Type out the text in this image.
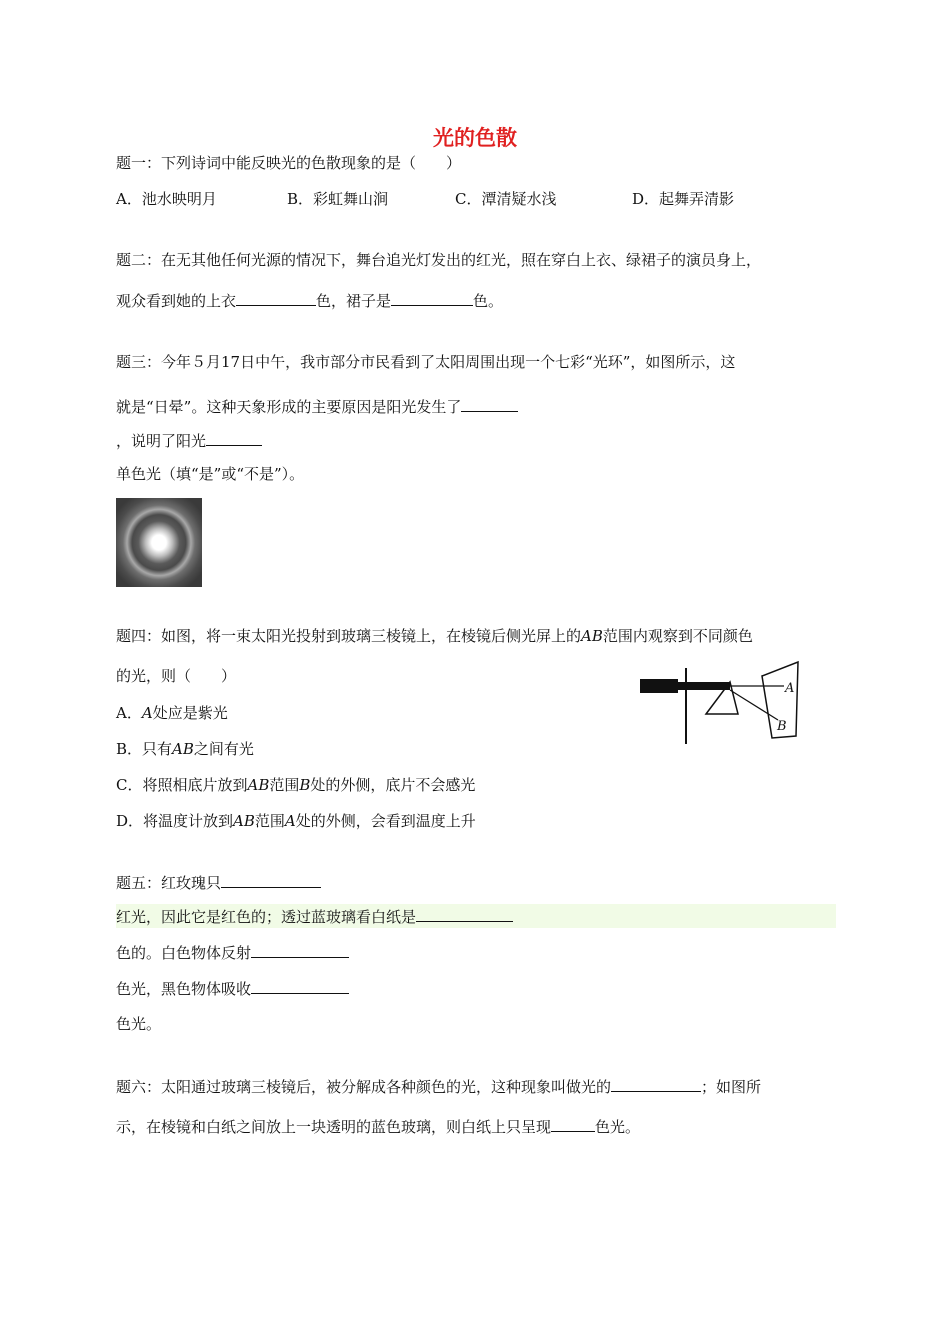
光的色散
题一：下列诗词中能反映光的色散现象的是（　　）
A．池水映明月	B．彩虹舞山涧	C．潭清疑水浅	D．起舞弄清影
题二：在无其他任何光源的情况下，舞台追光灯发出的红光，照在穿白上衣、绿裙子的演员身上，
观众看到她的上衣	色，裙子是	色。
题三：今年５月17日中午，我市部分市民看到了太阳周围出现一个七彩“光环”，如图所示，这
就是“日晕”。这种天象形成的主要原因是阳光发生了
，说明了阳光
单色光（填“是”或“不是”）。
题四：如图，将一束太阳光投射到玻璃三棱镜上，在棱镜后侧光屏上的AB范围内观察到不同颜色
的光，则（　　）
A．A处应是紫光
B．只有AB之间有光
C．将照相底片放到AB范围B处的外侧，底片不会感光
D．将温度计放到AB范围A处的外侧，会看到温度上升
A
B
题五：红玫瑰只
红光，因此它是红色的；透过蓝玻璃看白纸是
色的。白色物体反射
色光，黑色物体吸收
色光。
题六：太阳通过玻璃三棱镜后，被分解成各种颜色的光，这种现象叫做光的	；如图所
示，在棱镜和白纸之间放上一块透明的蓝色玻璃，则白纸上只呈现	色光。
